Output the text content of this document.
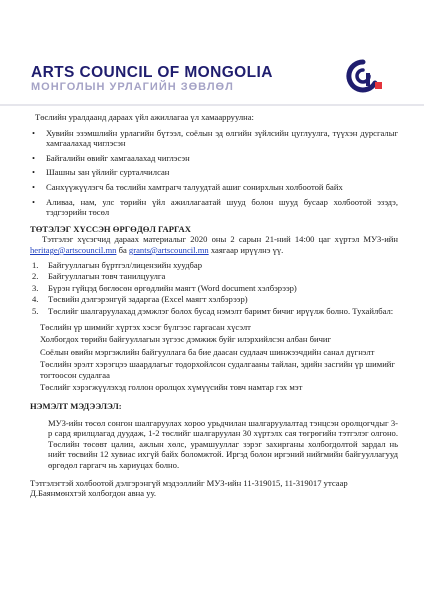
ARTS COUNCIL OF MONGOLIA
МОНГОЛЫН УРЛАГИЙН ЗӨВЛӨЛ

Төслийн уралдаанд дараах үйл ажиллагаа үл хамаарруулна:

• Хувийн эзэмшлийн урлагийн бүтээл, соёлын эд өлгийн зүйлсийн цуглуулга, түүхэн дурсгалыг хамгаалахад чиглэсэн
• Байгалийн өвийг хамгаалахад чиглэсэн
• Шашны зан үйлийг сурталчилсан
• Санхүүжүүлэгч ба төслийн хамтрагч талуудтай ашиг сонирхлын холбоотой байх
• Аливаа, нам, улс төрийн үйл ажиллагаатай шууд болон шууд бусаар холбоотой эзэдэ, тэдгээрийн төсөл

ТӨТЭЛЭГ ХҮССЭН ӨРГӨДӨЛ ГАРГАХ

Тэтгэлэг хүсэгчид дараах материалыг 2020 оны 2 сарын 21-ний 14:00 цаг хүртэл МУЗ-ийн heritage@artscouncil.mn ба grants@artscouncil.mn хаягаар ирүүлнэ үү.

1. Байгууллагын бүртгэл/лицензийн хуудбар
2. Байгууллагын товч танилцуулга
3. Бүрэн гүйцэд бөглөсөн өргөдлийн маягт (Word document хэлбэрээр)
4. Төсвийн дэлгэрэнгүй задаргаа (Excel маягт хэлбэрээр)
5. Төслийг шалгаруулахад дэмжлэг болох бусад нэмэлт баримт бичиг ирүүлж болно. Тухайлбал:

Төслийн үр шимийг хүртэх хэсэг бүлгээс гаргасан хүсэлт

Холбогдох төрийн байгууллагын зүгээс дэмжиж буйг илэрхийлсэн албан бичиг

Соёлын өвийн мэргэжлийн байгууллага ба бие даасан судлаач шинжээчдийн санал дүгнэлт

Төслийн эрэлт хэрэгцээ шаардлагыг тодорхойлсон судалгааны тайлан, эдийн засгийн үр шимийг тогтоосон судалгаа

Төслийг хэрэгжүүлэхэд голлон оролцох хүмүүсийн товч намтар гэх мэт

НЭМЭЛТ МЭДЭЭЛЭЛ:

МУЗ-ийн төсөл сонгон шалгаруулах хороо урьдчилан шалгаруулалтад тэнцсэн оролцогчдыг 3-р сард ярилцлагад дуудаж, 1-2 төслийг шалгаруулан 30 хүртэлх сая төгрөгийн тэтгэлэг олгоно. Төслийн төсөвт цалин, ажлын хөлс, урамшууллаг зэрэг захирганы холбогдолтой зардал нь нийт төсвийн 12 хувиас ихгүй байх боломжтой. Иргэд болон иргэний нийгмийн байгууллагууд өргөдөл гаргагч нь хариуцах болно.

Тэтгэлэгтэй холбоотой дэлгэрэнгүй мэдээллийг МУЗ-ийн 11-319015, 11-319017 утсаар Д.Баянмөнхтэй холбогдон авна уу.
